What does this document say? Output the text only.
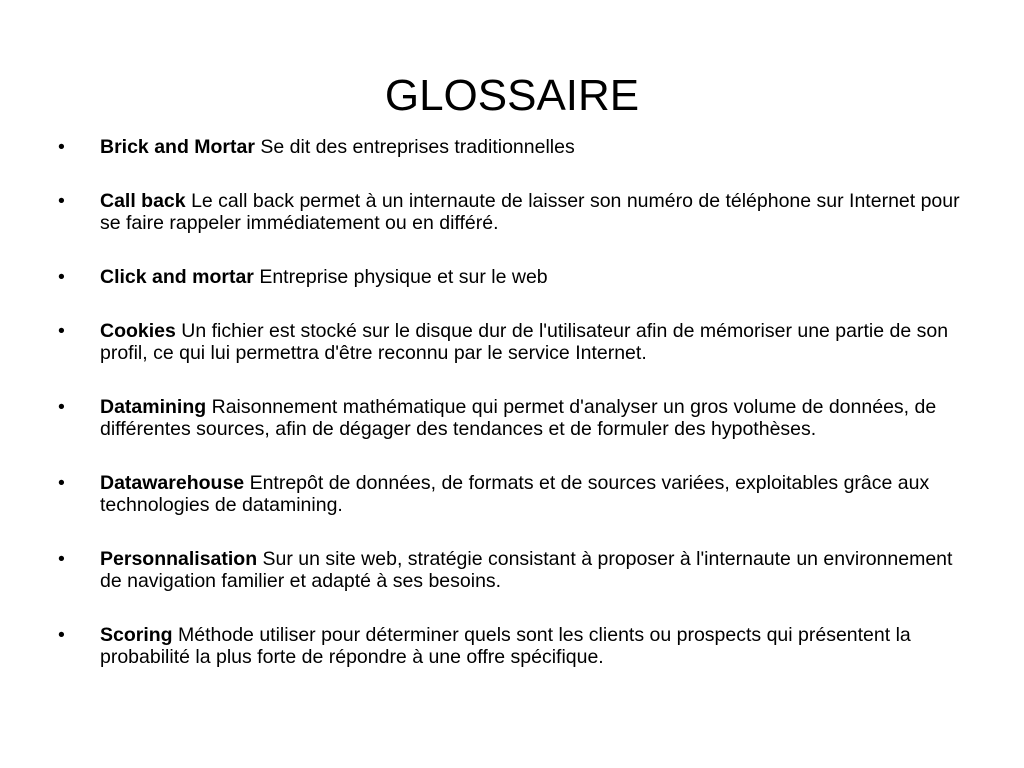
GLOSSAIRE
• Brick and Mortar Se dit des entreprises traditionnelles
• Call back Le call back permet à un internaute de laisser son numéro de téléphone sur Internet pour se faire rappeler immédiatement ou en différé.
• Click and mortar Entreprise physique et sur le web
• Cookies Un fichier est stocké sur le disque dur de l'utilisateur afin de mémoriser une partie de son profil, ce qui lui permettra d'être reconnu par le service Internet.
• Datamining Raisonnement mathématique qui permet d'analyser un gros volume de données, de différentes sources, afin de dégager des tendances et de formuler des hypothèses.
• Datawarehouse Entrepôt de données, de formats et de sources variées, exploitables grâce aux technologies de datamining.
• Personnalisation Sur un site web, stratégie consistant à proposer à l'internaute un environnement de navigation familier et adapté à ses besoins.
• Scoring Méthode utiliser pour déterminer quels sont les clients ou prospects qui présentent la probabilité la plus forte de répondre à une offre spécifique.
